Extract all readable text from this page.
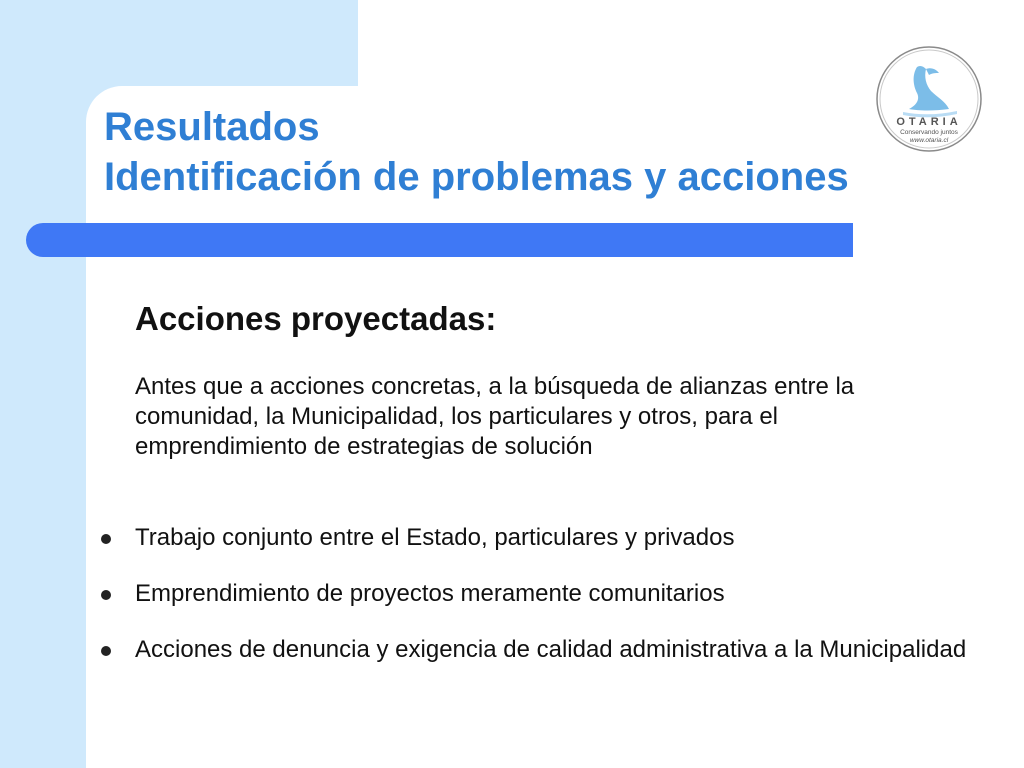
Resultados
Identificación de problemas y acciones
OTARIA
Conservando juntos
www.otaria.cl
Acciones proyectadas:

Antes que a acciones concretas, a la búsqueda de alianzas entre la comunidad, la Municipalidad, los particulares y otros, para el emprendimiento de estrategias de solución

Trabajo conjunto entre el Estado, particulares y privados
Emprendimiento de proyectos meramente comunitarios
Acciones de denuncia y exigencia de calidad administrativa a la Municipalidad
